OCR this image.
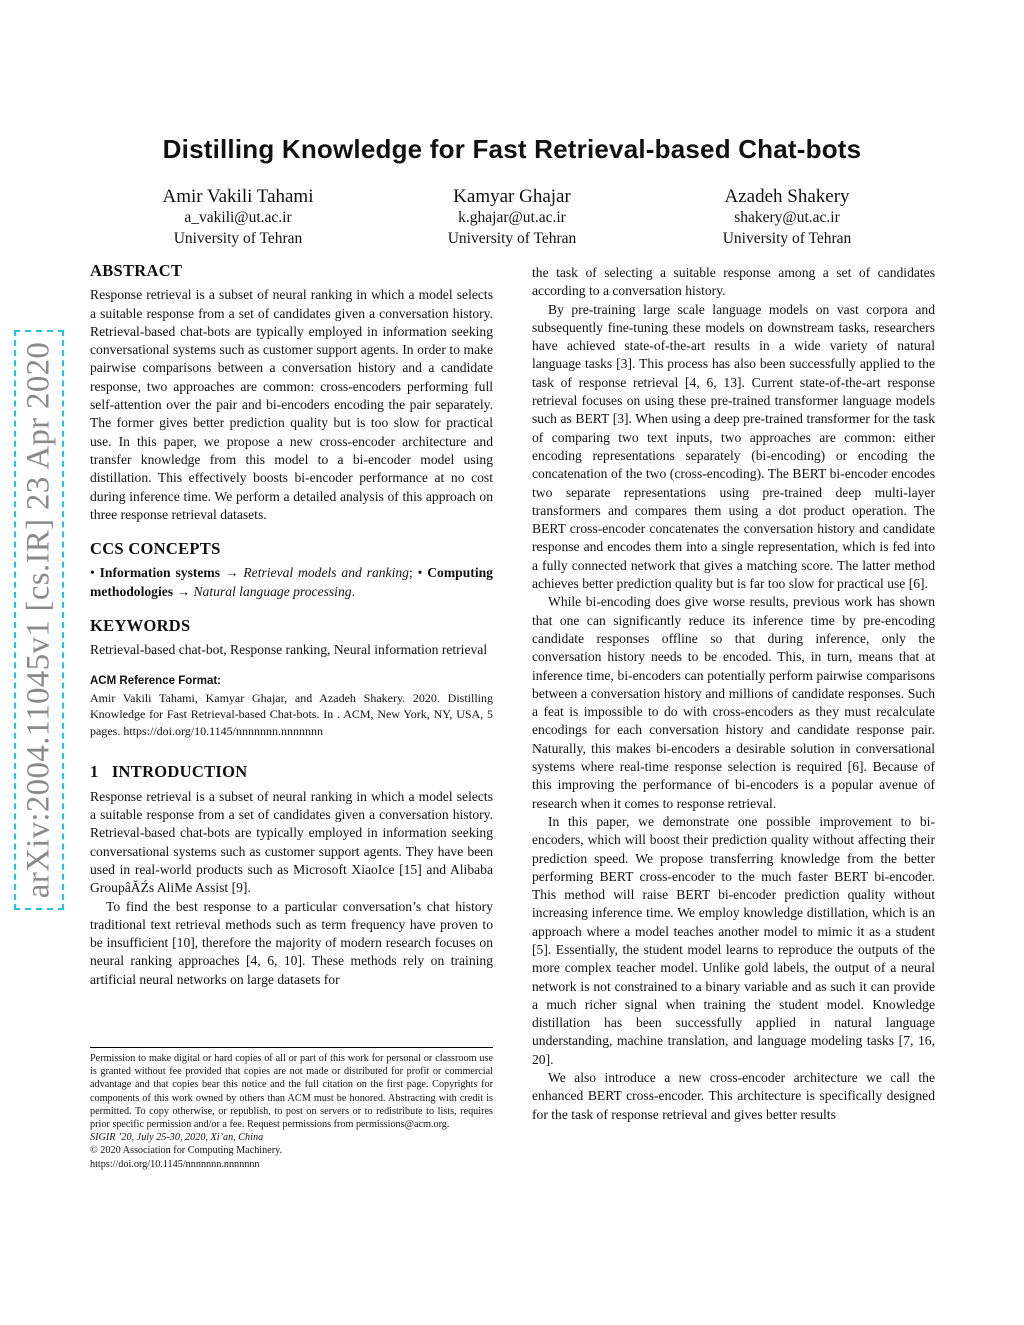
arXiv:2004.11045v1 [cs.IR] 23 Apr 2020
Distilling Knowledge for Fast Retrieval-based Chat-bots
Amir Vakili Tahami
a_vakili@ut.ac.ir
University of Tehran
Kamyar Ghajar
k.ghajar@ut.ac.ir
University of Tehran
Azadeh Shakery
shakery@ut.ac.ir
University of Tehran
ABSTRACT

Response retrieval is a subset of neural ranking in which a model selects a suitable response from a set of candidates given a conversation history. Retrieval-based chat-bots are typically employed in information seeking conversational systems such as customer support agents. In order to make pairwise comparisons between a conversation history and a candidate response, two approaches are common: cross-encoders performing full self-attention over the pair and bi-encoders encoding the pair separately. The former gives better prediction quality but is too slow for practical use. In this paper, we propose a new cross-encoder architecture and transfer knowledge from this model to a bi-encoder model using distillation. This effectively boosts bi-encoder performance at no cost during inference time. We perform a detailed analysis of this approach on three response retrieval datasets.

CCS CONCEPTS

• Information systems → Retrieval models and ranking; • Computing methodologies → Natural language processing.

KEYWORDS

Retrieval-based chat-bot, Response ranking, Neural information retrieval

ACM Reference Format:

Amir Vakili Tahami, Kamyar Ghajar, and Azadeh Shakery. 2020. Distilling Knowledge for Fast Retrieval-based Chat-bots. In . ACM, New York, NY, USA, 5 pages. https://doi.org/10.1145/nnnnnnn.nnnnnnn

1   INTRODUCTION

Response retrieval is a subset of neural ranking in which a model selects a suitable response from a set of candidates given a conversation history. Retrieval-based chat-bots are typically employed in information seeking conversational systems such as customer support agents. They have been used in real-world products such as Microsoft XiaoIce [15] and Alibaba GroupâĂŹs AliMe Assist [9].

To find the best response to a particular conversation’s chat history traditional text retrieval methods such as term frequency have proven to be insufficient [10], therefore the majority of modern research focuses on neural ranking approaches [4, 6, 10]. These methods rely on training artificial neural networks on large datasets for

Permission to make digital or hard copies of all or part of this work for personal or classroom use is granted without fee provided that copies are not made or distributed for profit or commercial advantage and that copies bear this notice and the full citation on the first page. Copyrights for components of this work owned by others than ACM must be honored. Abstracting with credit is permitted. To copy otherwise, or republish, to post on servers or to redistribute to lists, requires prior specific permission and/or a fee. Request permissions from permissions@acm.org.
SIGIR ’20, July 25-30, 2020, Xi’an, China
© 2020 Association for Computing Machinery.
https://doi.org/10.1145/nnnnnnn.nnnnnnn

the task of selecting a suitable response among a set of candidates according to a conversation history.

By pre-training large scale language models on vast corpora and subsequently fine-tuning these models on downstream tasks, researchers have achieved state-of-the-art results in a wide variety of natural language tasks [3]. This process has also been successfully applied to the task of response retrieval [4, 6, 13]. Current state-of-the-art response retrieval focuses on using these pre-trained transformer language models such as BERT [3]. When using a deep pre-trained transformer for the task of comparing two text inputs, two approaches are common: either encoding representations separately (bi-encoding) or encoding the concatenation of the two (cross-encoding). The BERT bi-encoder encodes two separate representations using pre-trained deep multi-layer transformers and compares them using a dot product operation. The BERT cross-encoder concatenates the conversation history and candidate response and encodes them into a single representation, which is fed into a fully connected network that gives a matching score. The latter method achieves better prediction quality but is far too slow for practical use [6].

While bi-encoding does give worse results, previous work has shown that one can significantly reduce its inference time by pre-encoding candidate responses offline so that during inference, only the conversation history needs to be encoded. This, in turn, means that at inference time, bi-encoders can potentially perform pairwise comparisons between a conversation history and millions of candidate responses. Such a feat is impossible to do with cross-encoders as they must recalculate encodings for each conversation history and candidate response pair. Naturally, this makes bi-encoders a desirable solution in conversational systems where real-time response selection is required [6]. Because of this improving the performance of bi-encoders is a popular avenue of research when it comes to response retrieval.

In this paper, we demonstrate one possible improvement to bi-encoders, which will boost their prediction quality without affecting their prediction speed. We propose transferring knowledge from the better performing BERT cross-encoder to the much faster BERT bi-encoder. This method will raise BERT bi-encoder prediction quality without increasing inference time. We employ knowledge distillation, which is an approach where a model teaches another model to mimic it as a student [5]. Essentially, the student model learns to reproduce the outputs of the more complex teacher model. Unlike gold labels, the output of a neural network is not constrained to a binary variable and as such it can provide a much richer signal when training the student model. Knowledge distillation has been successfully applied in natural language understanding, machine translation, and language modeling tasks [7, 16, 20].

We also introduce a new cross-encoder architecture we call the enhanced BERT cross-encoder. This architecture is specifically designed for the task of response retrieval and gives better results
